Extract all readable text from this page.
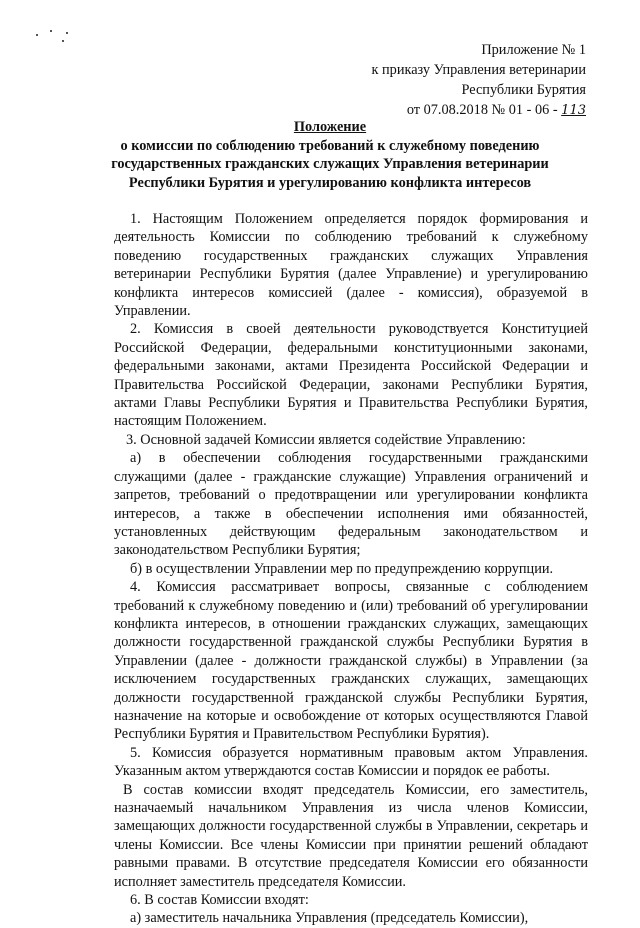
Приложение № 1
к приказу Управления ветеринарии
Республики Бурятия
от 07.08.2018 № 01 - 06 - 113
Положение
о комиссии по соблюдению требований к служебному поведению
государственных гражданских служащих Управления ветеринарии
Республики Бурятия и урегулированию конфликта интересов

1. Настоящим Положением определяется порядок формирования и деятельность Комиссии по соблюдению требований к служебному поведению государственных гражданских служащих Управления ветеринарии Республики Бурятия (далее Управление) и урегулированию конфликта интересов комиссией (далее - комиссия), образуемой в Управлении.

2. Комиссия в своей деятельности руководствуется Конституцией Российской Федерации, федеральными конституционными законами, федеральными законами, актами Президента Российской Федерации и Правительства Российской Федерации, законами Республики Бурятия, актами Главы Республики Бурятия и Правительства Республики Бурятия, настоящим Положением.

3. Основной задачей Комиссии является содействие Управлению:

а) в обеспечении соблюдения государственными гражданскими служащими (далее - гражданские служащие) Управления ограничений и запретов, требований о предотвращении или урегулировании конфликта интересов, а также в обеспечении исполнения ими обязанностей, установленных действующим федеральным законодательством и законодательством Республики Бурятия;

б) в осуществлении Управлении мер по предупреждению коррупции.

4. Комиссия рассматривает вопросы, связанные с соблюдением требований к служебному поведению и (или) требований об урегулировании конфликта интересов, в отношении гражданских служащих, замещающих должности государственной гражданской службы Республики Бурятия в Управлении (далее - должности гражданской службы) в Управлении (за исключением государственных гражданских служащих, замещающих должности государственной гражданской службы Республики Бурятия, назначение на которые и освобождение от которых осуществляются Главой Республики Бурятия и Правительством Республики Бурятия).

5. Комиссия образуется нормативным правовым актом Управления. Указанным актом утверждаются состав Комиссии и порядок ее работы.

В состав комиссии входят председатель Комиссии, его заместитель, назначаемый начальником Управления из числа членов Комиссии, замещающих должности государственной службы в Управлении, секретарь и члены Комиссии. Все члены Комиссии при принятии решений обладают равными правами. В отсутствие председателя Комиссии его обязанности исполняет заместитель председателя Комиссии.

6. В состав Комиссии входят:

а) заместитель начальника Управления (председатель Комиссии),
